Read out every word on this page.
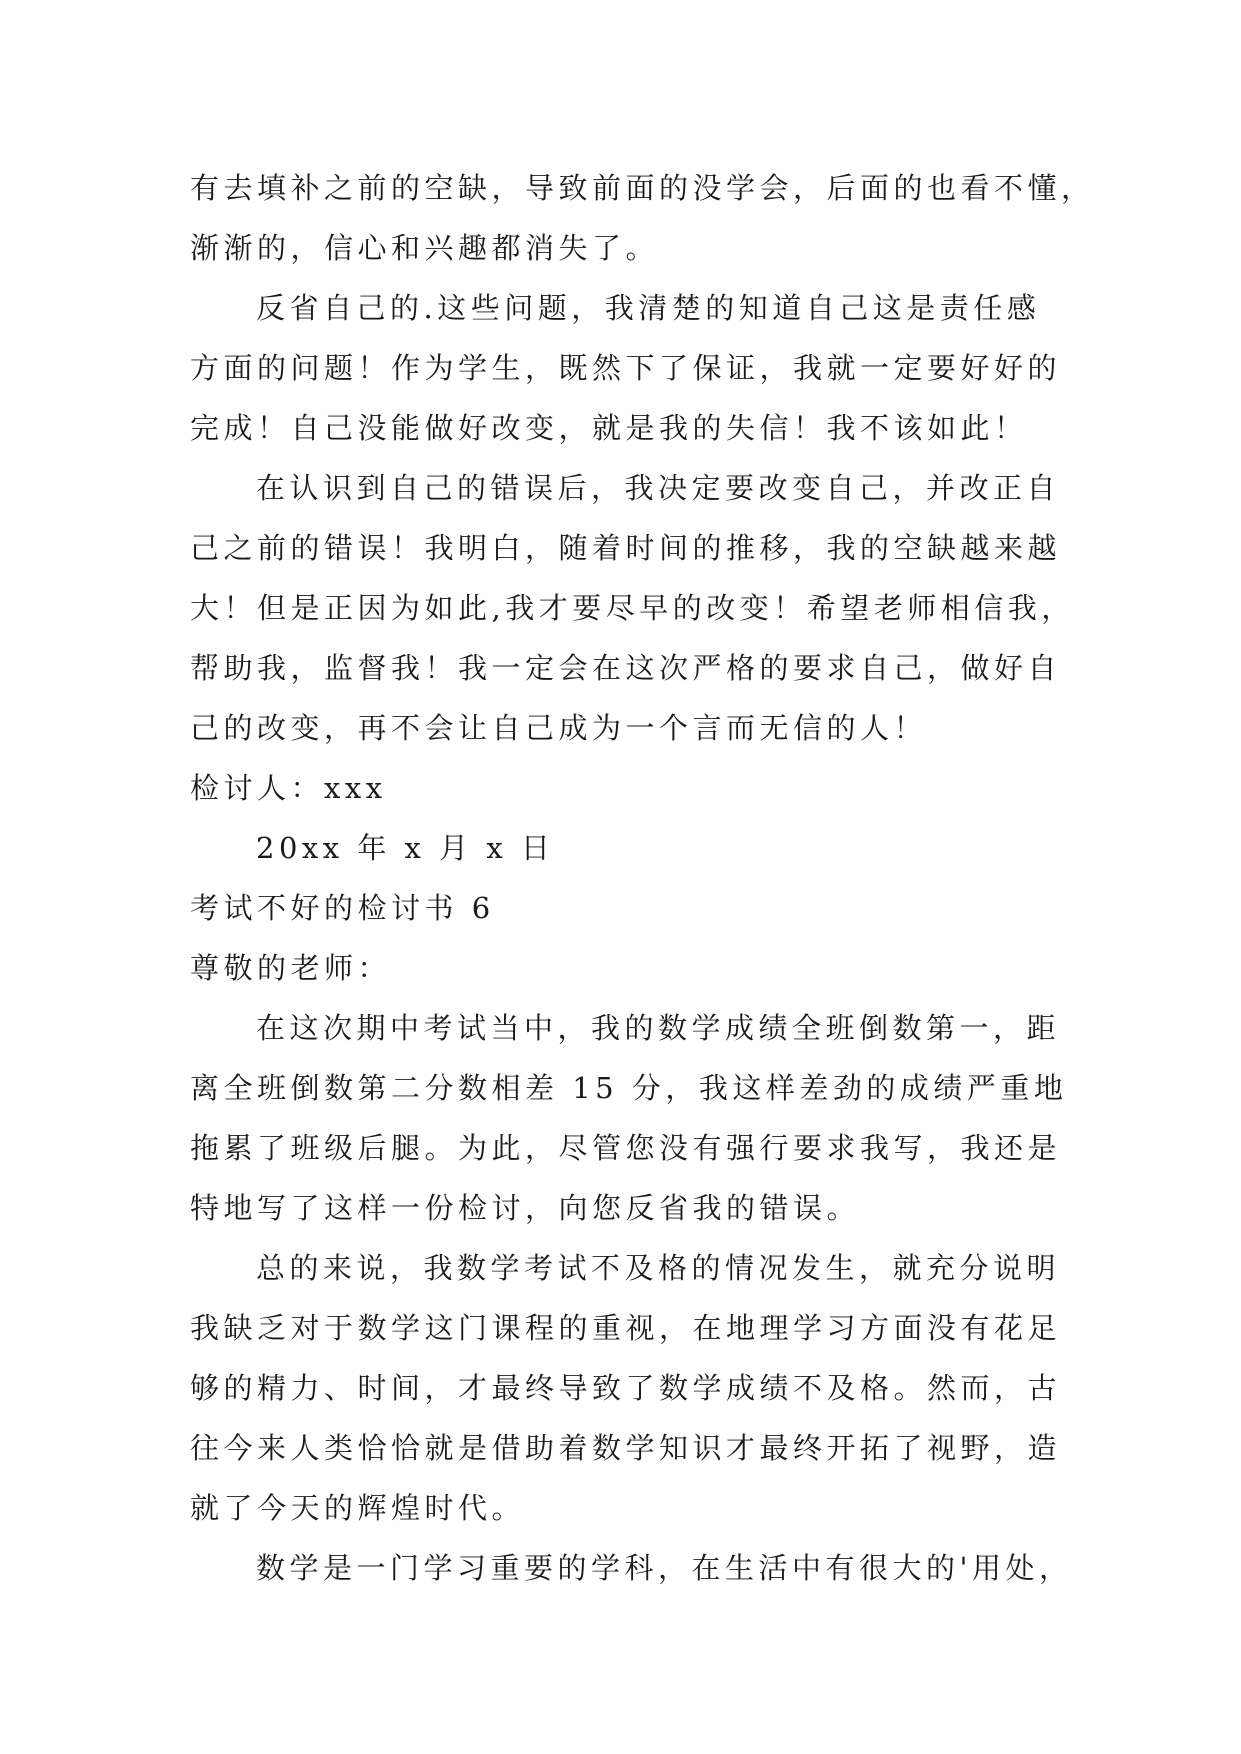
有去填补之前的空缺，导致前面的没学会，后面的也看不懂，
渐渐的，信心和兴趣都消失了。
反省自己的.这些问题，我清楚的知道自己这是责任感
方面的问题！作为学生，既然下了保证，我就一定要好好的
完成！自己没能做好改变，就是我的失信！我不该如此！
在认识到自己的错误后，我决定要改变自己，并改正自
己之前的错误！我明白，随着时间的推移，我的空缺越来越
大！但是正因为如此,我才要尽早的改变！希望老师相信我，
帮助我，监督我！我一定会在这次严格的要求自己，做好自
己的改变，再不会让自己成为一个言而无信的人！
检讨人：xxx
20xx 年 x 月 x 日
考试不好的检讨书 6
尊敬的老师：
在这次期中考试当中，我的数学成绩全班倒数第一，距
离全班倒数第二分数相差 15 分，我这样差劲的成绩严重地
拖累了班级后腿。为此，尽管您没有强行要求我写，我还是
特地写了这样一份检讨，向您反省我的错误。
总的来说，我数学考试不及格的情况发生，就充分说明
我缺乏对于数学这门课程的重视，在地理学习方面没有花足
够的精力、时间，才最终导致了数学成绩不及格。然而，古
往今来人类恰恰就是借助着数学知识才最终开拓了视野，造
就了今天的辉煌时代。
数学是一门学习重要的学科，在生活中有很大的'用处，
